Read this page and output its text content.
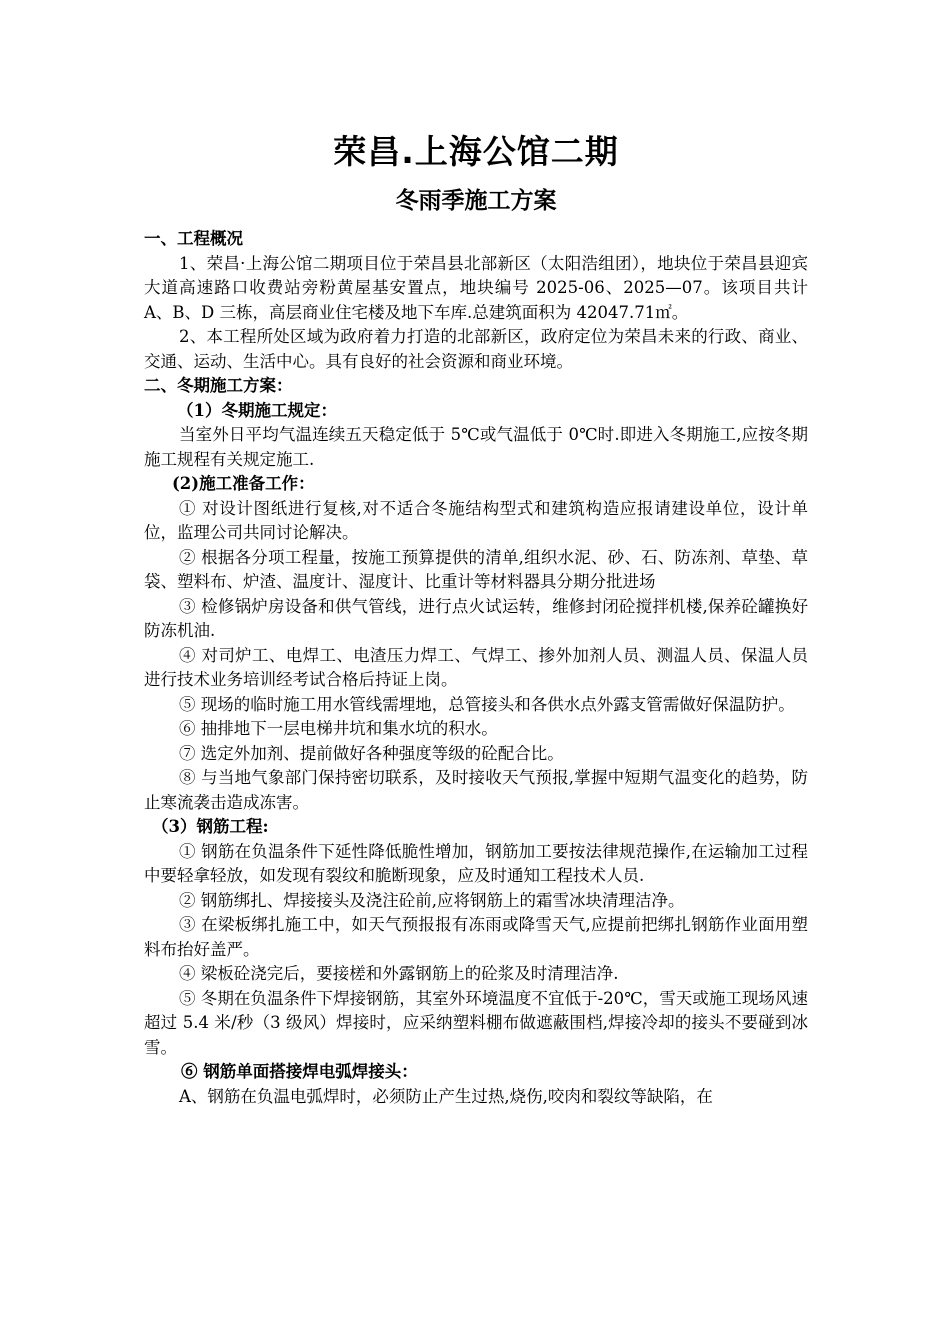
荣昌.上海公馆二期
冬雨季施工方案

一、工程概况

1、荣昌·上海公馆二期项目位于荣昌县北部新区（太阳浩组团），地块位于荣昌县迎宾大道高速路口收费站旁粉黄屋基安置点，地块编号 2025-06、2025—07。该项目共计 A、B、D 三栋，高层商业住宅楼及地下车库.总建筑面积为 42047.71㎡。

2、本工程所处区域为政府着力打造的北部新区，政府定位为荣昌未来的行政、商业、交通、运动、生活中心。具有良好的社会资源和商业环境。

二、冬期施工方案：

（1）冬期施工规定：

当室外日平均气温连续五天稳定低于 5℃或气温低于 0℃时.即进入冬期施工,应按冬期施工规程有关规定施工.

(2)施工准备工作：

① 对设计图纸进行复核,对不适合冬施结构型式和建筑构造应报请建设单位，设计单位，监理公司共同讨论解决。

② 根据各分项工程量，按施工预算提供的清单,组织水泥、砂、石、防冻剂、草垫、草袋、塑料布、炉渣、温度计、湿度计、比重计等材料器具分期分批进场

③ 检修锅炉房设备和供气管线，进行点火试运转，维修封闭砼搅拌机楼,保养砼罐换好防冻机油.

④ 对司炉工、电焊工、电渣压力焊工、气焊工、掺外加剂人员、测温人员、保温人员进行技术业务培训经考试合格后持证上岗。

⑤ 现场的临时施工用水管线需埋地，总管接头和各供水点外露支管需做好保温防护。

⑥ 抽排地下一层电梯井坑和集水坑的积水。

⑦ 选定外加剂、提前做好各种强度等级的砼配合比。

⑧ 与当地气象部门保持密切联系，及时接收天气预报,掌握中短期气温变化的趋势，防止寒流袭击造成冻害。

（3）钢筋工程:

① 钢筋在负温条件下延性降低脆性增加，钢筋加工要按法律规范操作,在运输加工过程中要轻拿轻放，如发现有裂纹和脆断现象，应及时通知工程技术人员.

② 钢筋绑扎、焊接接头及浇注砼前,应将钢筋上的霜雪冰块清理洁净。

③ 在梁板绑扎施工中，如天气预报报有冻雨或降雪天气,应提前把绑扎钢筋作业面用塑料布抬好盖严。

④ 梁板砼浇完后，要接槎和外露钢筋上的砼浆及时清理洁净.

⑤ 冬期在负温条件下焊接钢筋，其室外环境温度不宜低于-20℃，雪天或施工现场风速超过 5.4 米/秒（3 级风）焊接时，应采纳塑料棚布做遮蔽围档,焊接冷却的接头不要碰到冰雪。

⑥ 钢筋单面搭接焊电弧焊接头：

A、钢筋在负温电弧焊时，必须防止产生过热,烧伤,咬肉和裂纹等缺陷，在
